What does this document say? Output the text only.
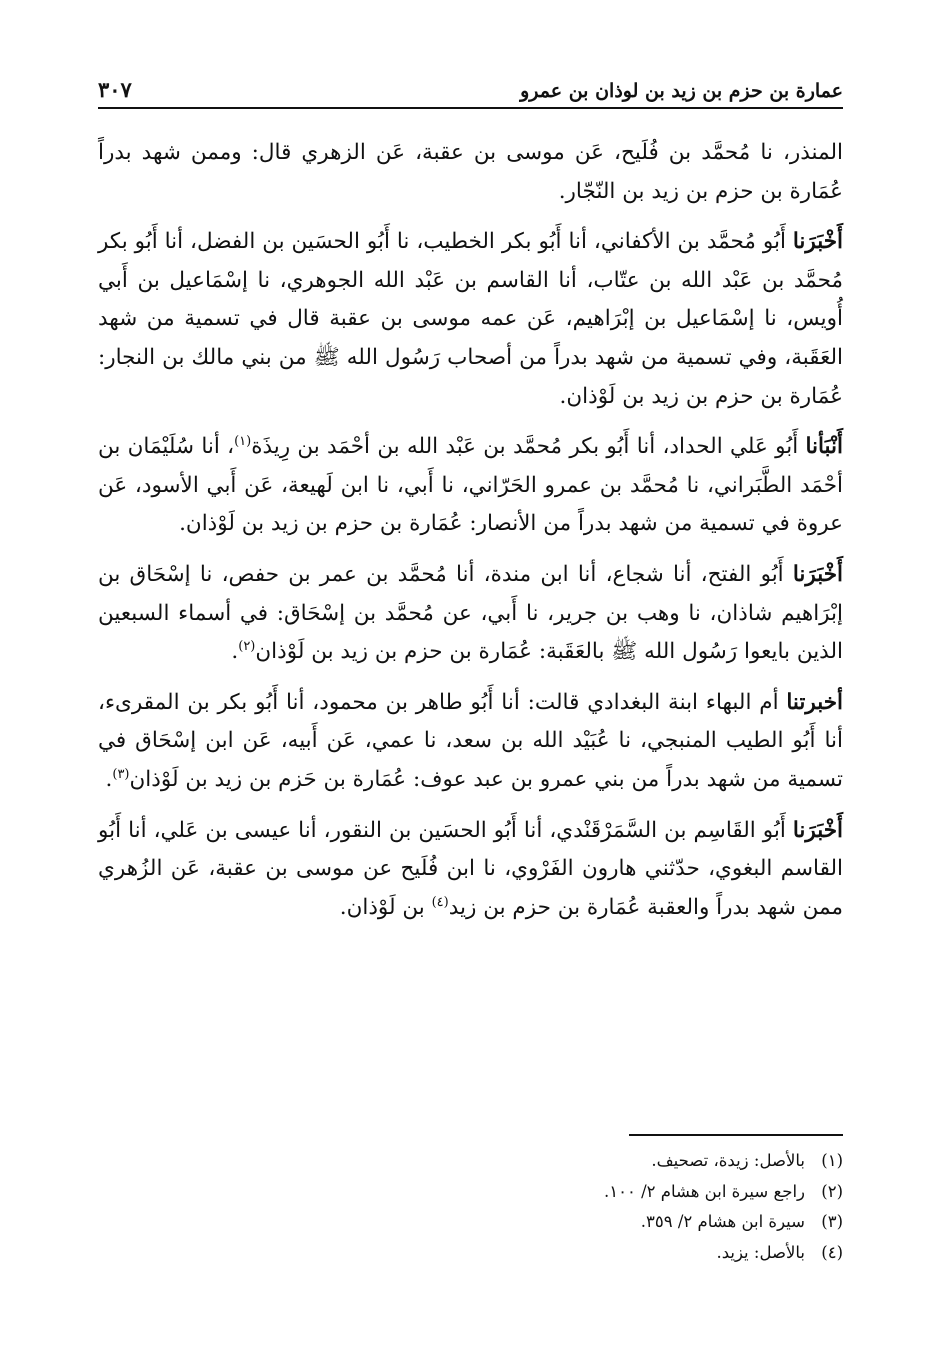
عمارة بن حزم بن زيد بن لوذان بن عمرو
٣٠٧

المنذر، نا مُحمَّد بن فُلَيح، عَن موسى بن عقبة، عَن الزهري قال: وممن شهد بدراً عُمَارة بن حزم بن زيد بن النّجّار.

أَخْبَرَنا أَبُو مُحمَّد بن الأكفاني، أنا أَبُو بكر الخطيب، نا أَبُو الحسَين بن الفضل، أنا أَبُو بكر مُحمَّد بن عَبْد الله بن عتّاب، أنا القاسم بن عَبْد الله الجوهري، نا إسْمَاعيل بن أَبي أُويس، نا إسْمَاعيل بن إبْرَاهيم، عَن عمه موسى بن عقبة قال في تسمية من شهد العَقَبة، وفي تسمية من شهد بدراً من أصحاب رَسُول الله ﷺ من بني مالك بن النجار: عُمَارة بن حزم بن زيد بن لَوْذان.

أَنْبَأنا أَبُو عَلي الحداد، أنا أَبُو بكر مُحمَّد بن عَبْد الله بن أحْمَد بن رِيذَة$^{(١)}$، أنا سُلَيْمَان بن أحْمَد الطَّبَراني، نا مُحمَّد بن عمرو الحَرّاني، نا أَبي، نا ابن لَهيعة، عَن أَبي الأسود، عَن عروة في تسمية من شهد بدراً من الأنصار: عُمَارة بن حزم بن زيد بن لَوْذان.

أَخْبَرَنا أَبُو الفتح، أنا شجاع، أنا ابن مندة، أنا مُحمَّد بن عمر بن حفص، نا إسْحَاق بن إبْرَاهيم شاذان، نا وهب بن جرير، نا أَبي، عن مُحمَّد بن إسْحَاق: في أسماء السبعين الذين بايعوا رَسُول الله ﷺ بالعَقَبة: عُمَارة بن حزم بن زيد بن لَوْذان$^{(٢)}$.

أخبرتنا أم البهاء ابنة البغدادي قالت: أنا أَبُو طاهر بن محمود، أنا أَبُو بكر بن المقرىء، أنا أَبُو الطيب المنبجي، نا عُبَيْد الله بن سعد، نا عمي، عَن أَبيه، عَن ابن إسْحَاق في تسمية من شهد بدراً من بني عمرو بن عبد عوف: عُمَارة بن حَزم بن زيد بن لَوْذان$^{(٣)}$.

أَخْبَرَنا أَبُو القَاسِم بن السَّمَرْقَنْدي، أنا أَبُو الحسَين بن النقور، أنا عيسى بن عَلي، أنا أَبُو القاسم البغوي، حدّثني هارون الفَرْوي، نا ابن فُلَيح عن موسى بن عقبة، عَن الزُهري ممن شهد بدراً والعقبة عُمَارة بن حزم بن زيد$^{(٤)}$ بن لَوْذان.

(١)
بالأصل: زيدة، تصحيف.
(٢)
راجع سيرة ابن هشام ٢/ ١٠٠.
(٣)
سيرة ابن هشام ٢/ ٣٥٩.
(٤)
بالأصل: يزيد.
